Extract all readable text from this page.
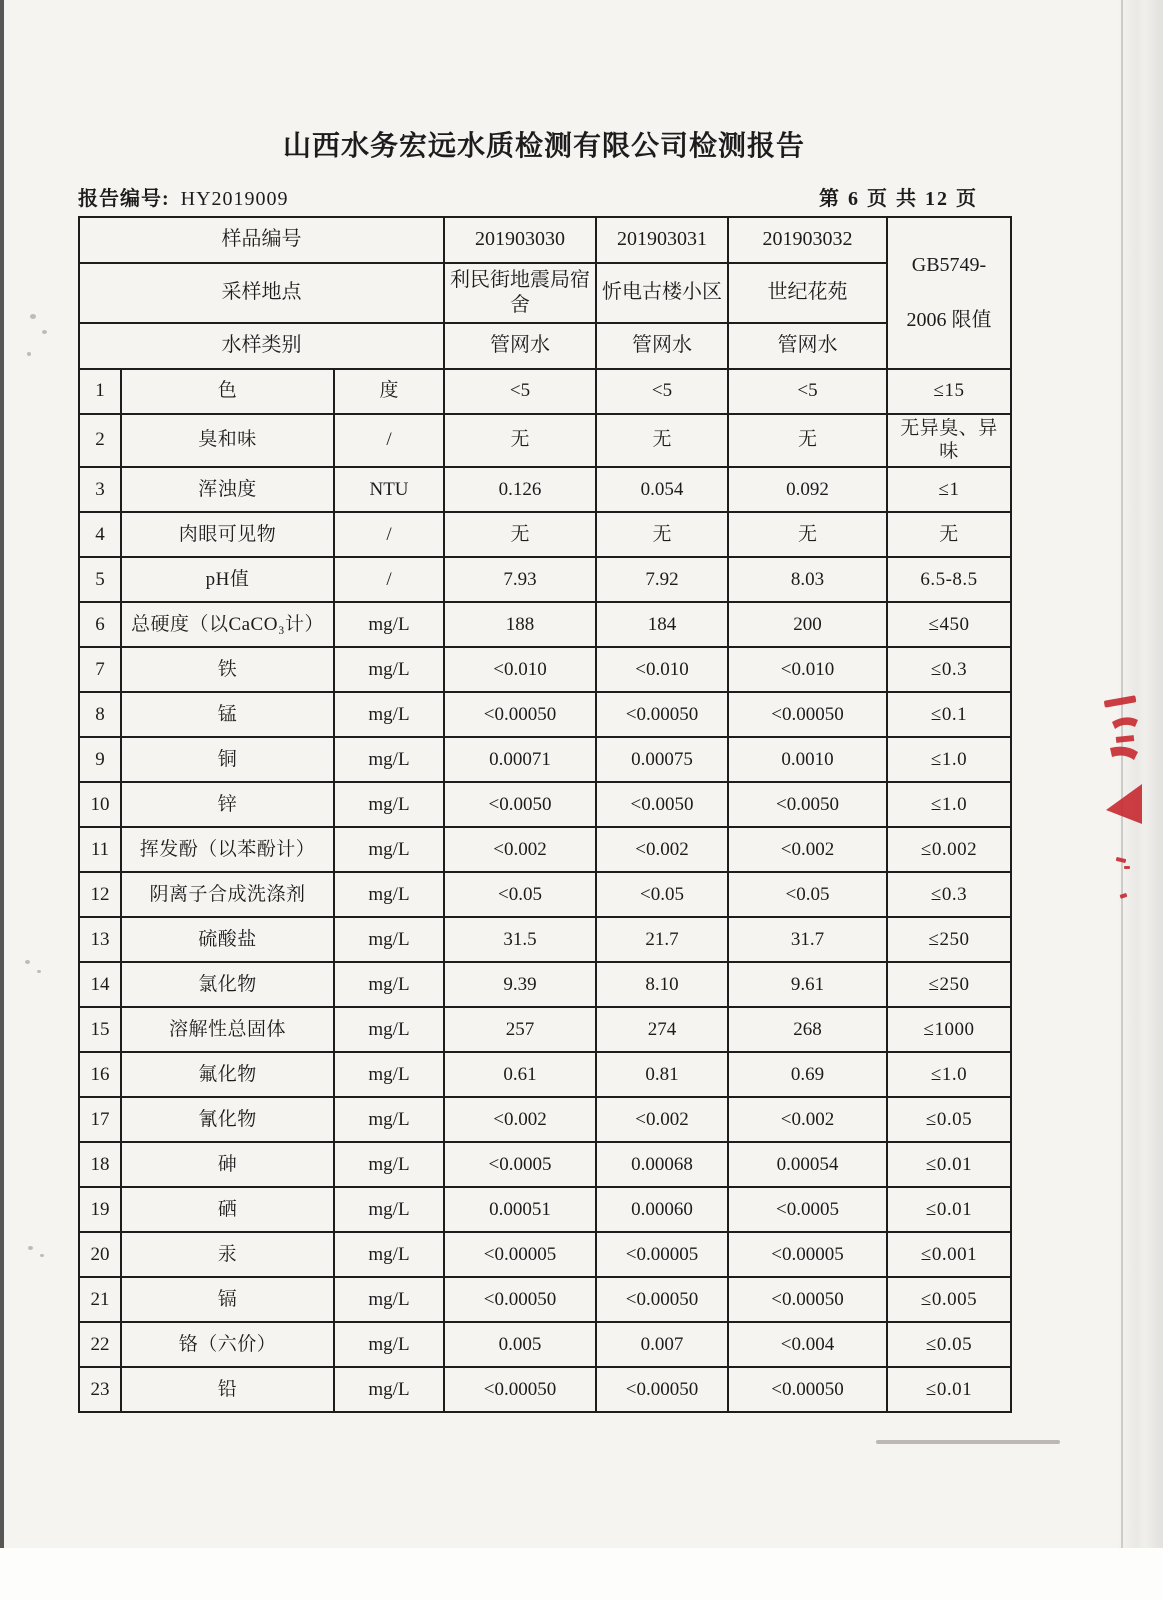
山西水务宏远水质检测有限公司检测报告
报告编号: HY2019009	第 6 页 共 12 页
样品编号			201903030	201903031	201903032	GB5749-
2006 限值

采样地点			利民街地震局宿舍	忻电古楼小区	世纪花苑	
水样类别			管网水	管网水	管网水	
1	色	度	<5	<5	<5	≤15
2	臭和味	/	无	无	无	无异臭、异味
3	浑浊度	NTU	0.126	0.054	0.092	≤1
4	肉眼可见物	/	无	无	无	无
5	pH值	/	7.93	7.92	8.03	6.5-8.5
6	总硬度（以CaCO₃计）	mg/L	188	184	200	≤450
7	铁	mg/L	<0.010	<0.010	<0.010	≤0.3
8	锰	mg/L	<0.00050	<0.00050	<0.00050	≤0.1
9	铜	mg/L	0.00071	0.00075	0.0010	≤1.0
10	锌	mg/L	<0.0050	<0.0050	<0.0050	≤1.0
11	挥发酚（以苯酚计）	mg/L	<0.002	<0.002	<0.002	≤0.002
12	阴离子合成洗涤剂	mg/L	<0.05	<0.05	<0.05	≤0.3
13	硫酸盐	mg/L	31.5	21.7	31.7	≤250
14	氯化物	mg/L	9.39	8.10	9.61	≤250
15	溶解性总固体	mg/L	257	274	268	≤1000
16	氟化物	mg/L	0.61	0.81	0.69	≤1.0
17	氰化物	mg/L	<0.002	<0.002	<0.002	≤0.05
18	砷	mg/L	<0.0005	0.00068	0.00054	≤0.01
19	硒	mg/L	0.00051	0.00060	<0.0005	≤0.01
20	汞	mg/L	<0.00005	<0.00005	<0.00005	≤0.001
21	镉	mg/L	<0.00050	<0.00050	<0.00050	≤0.005
22	铬（六价）	mg/L	0.005	0.007	<0.004	≤0.05
23	铅	mg/L	<0.00050	<0.00050	<0.00050	≤0.01
